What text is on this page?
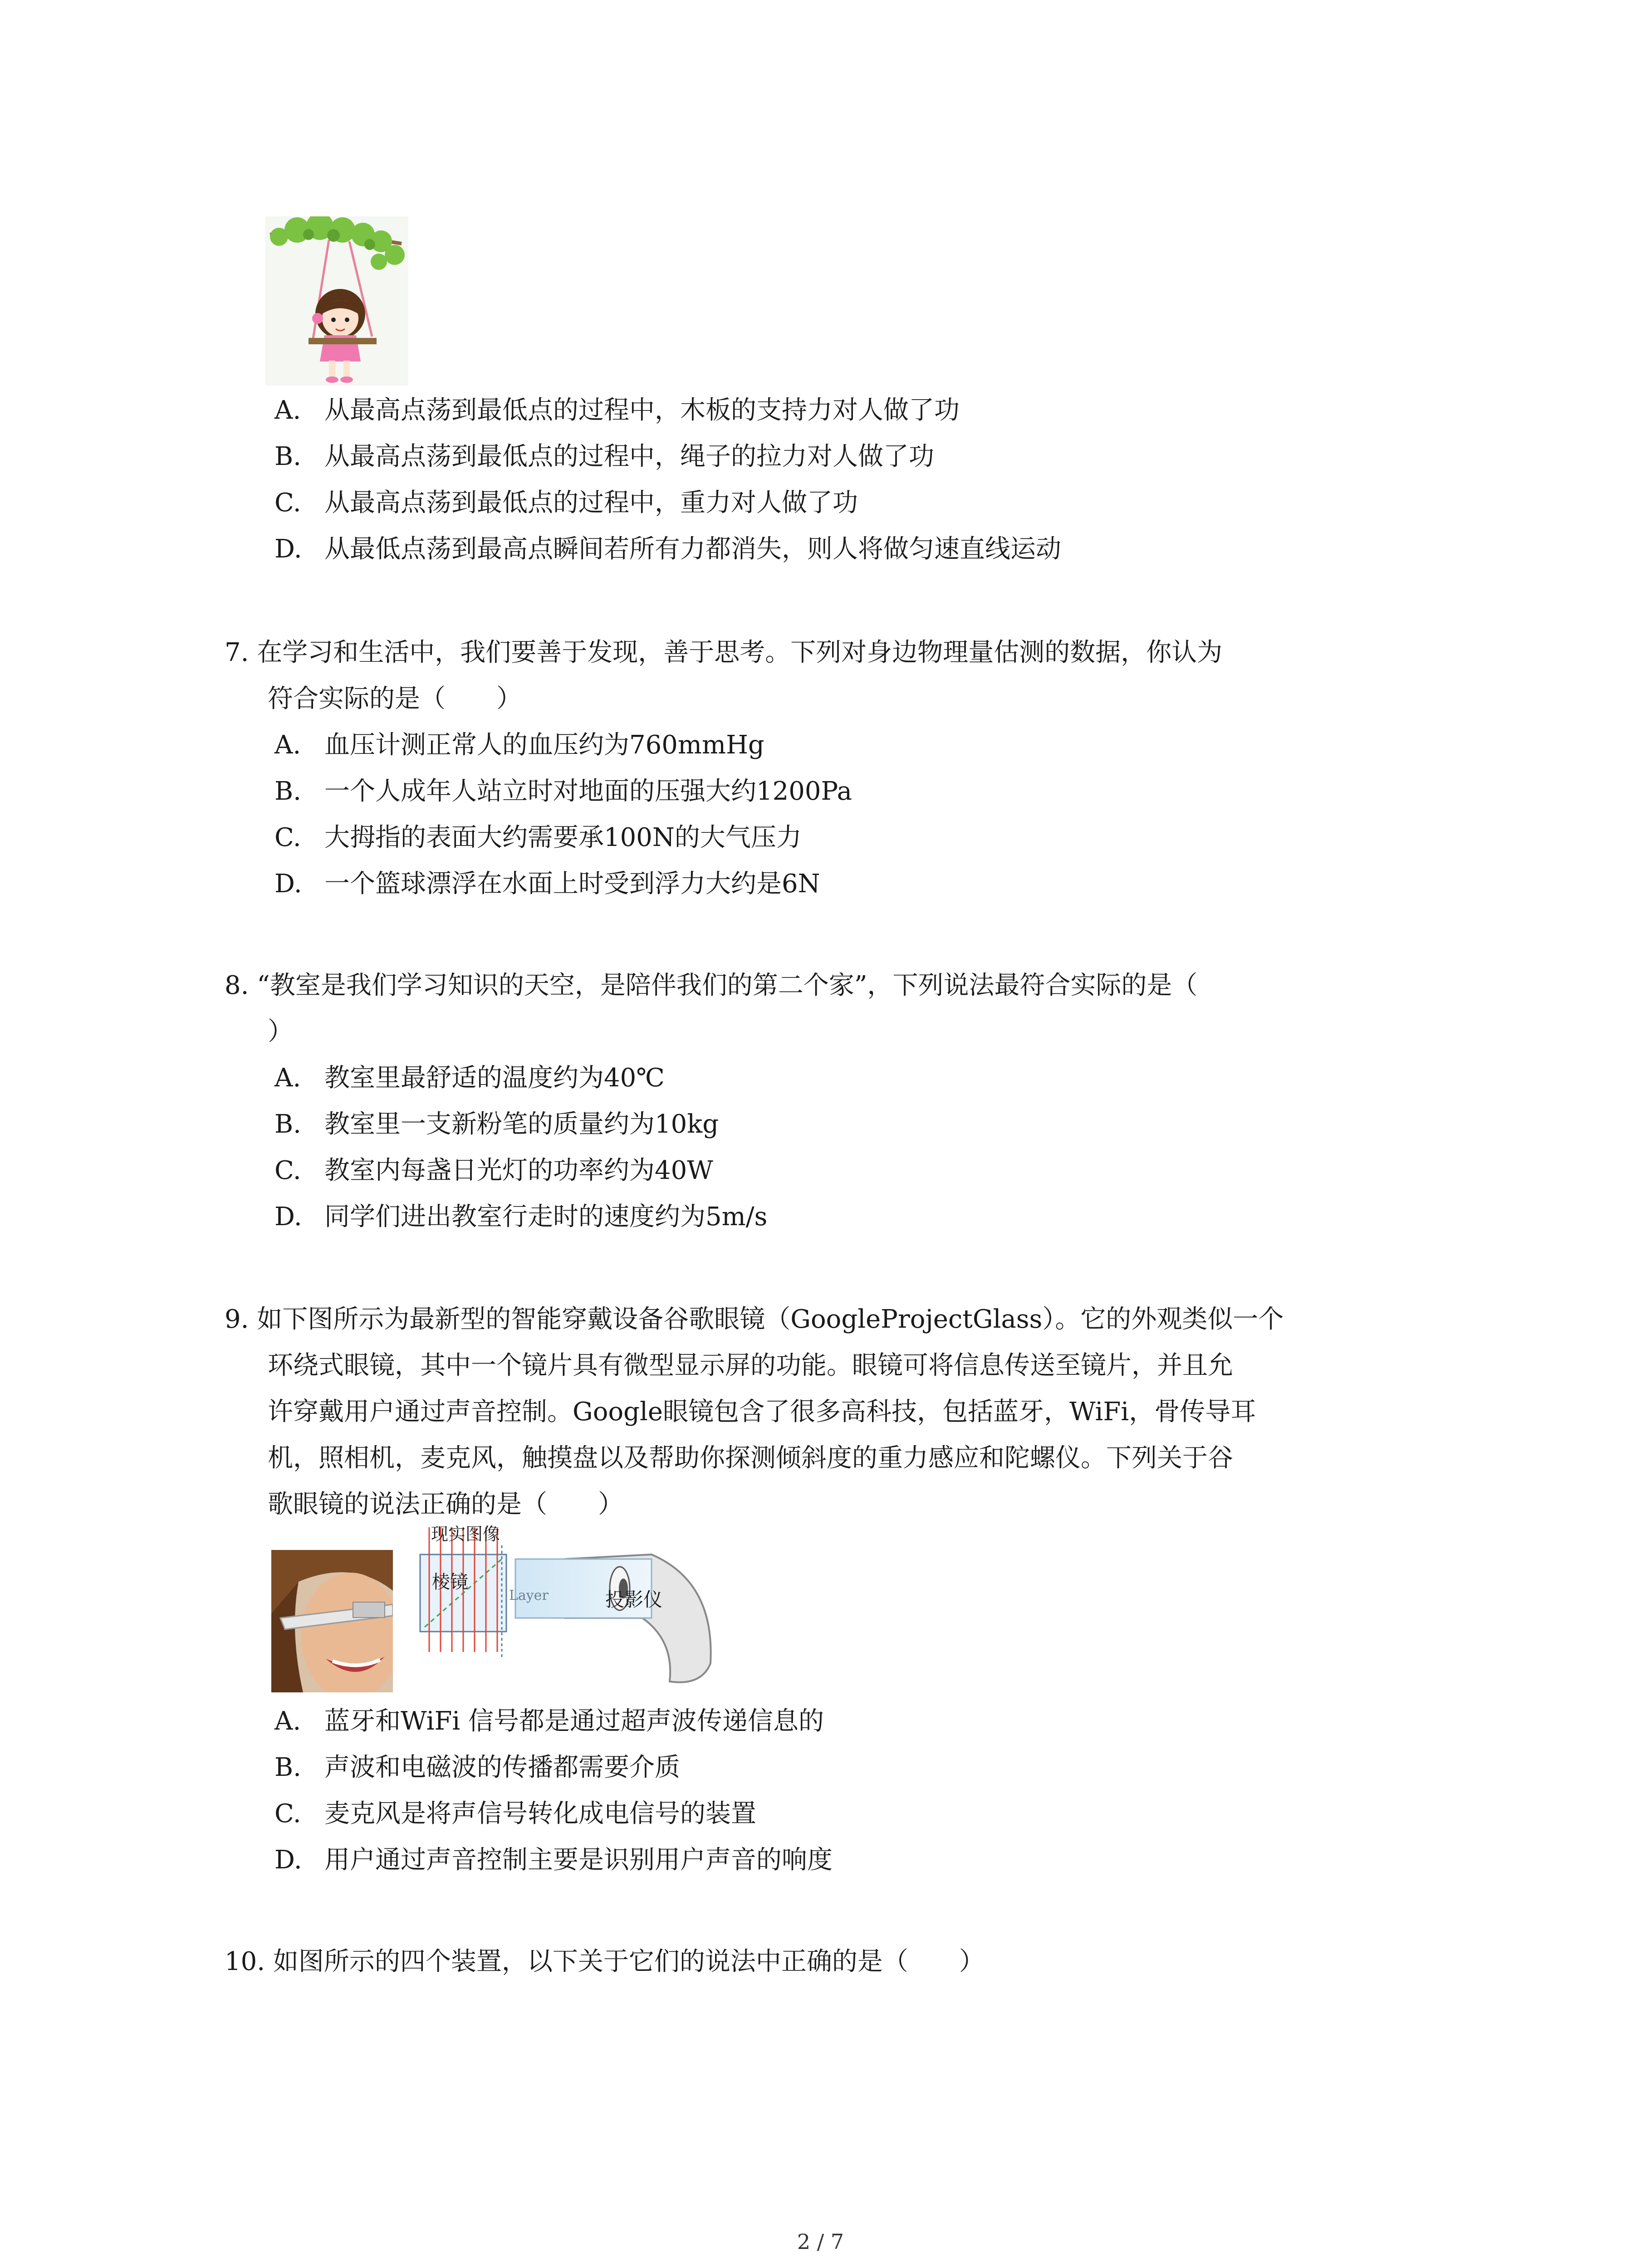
A. 从最高点荡到最低点的过程中，木板的支持力对人做了功
B. 从最高点荡到最低点的过程中，绳子的拉力对人做了功
C. 从最高点荡到最低点的过程中，重力对人做了功
D. 从最低点荡到最高点瞬间若所有力都消失，则人将做匀速直线运动
7. 在学习和生活中，我们要善于发现，善于思考。下列对身边物理量估测的数据，你认为
符合实际的是（　　）
A. 血压计测正常人的血压约为760mmHg
B. 一个人成年人站立时对地面的压强大约1200Pa
C. 大拇指的表面大约需要承100N的大气压力
D. 一个篮球漂浮在水面上时受到浮力大约是6N
8. “教室是我们学习知识的天空，是陪伴我们的第二个家”，下列说法最符合实际的是（
）
A. 教室里最舒适的温度约为40℃
B. 教室里一支新粉笔的质量约为10kg
C. 教室内每盏日光灯的功率约为40W
D. 同学们进出教室行走时的速度约为5m/s
9. 如下图所示为最新型的智能穿戴设备谷歌眼镜（GoogleProjectGlass）。它的外观类似一个
环绕式眼镜，其中一个镜片具有微型显示屏的功能。眼镜可将信息传送至镜片，并且允
许穿戴用户通过声音控制。Google眼镜包含了很多高科技，包括蓝牙，WiFi，骨传导耳
机，照相机，麦克风，触摸盘以及帮助你探测倾斜度的重力感应和陀螺仪。下列关于谷
歌眼镜的说法正确的是（　　）
现实图像
棱镜
Layer	投影仪
A. 蓝牙和WiFi 信号都是通过超声波传递信息的
B. 声波和电磁波的传播都需要介质
C. 麦克风是将声信号转化成电信号的装置
D. 用户通过声音控制主要是识别用户声音的响度
10. 如图所示的四个装置，以下关于它们的说法中正确的是（　　）
2 / 7
